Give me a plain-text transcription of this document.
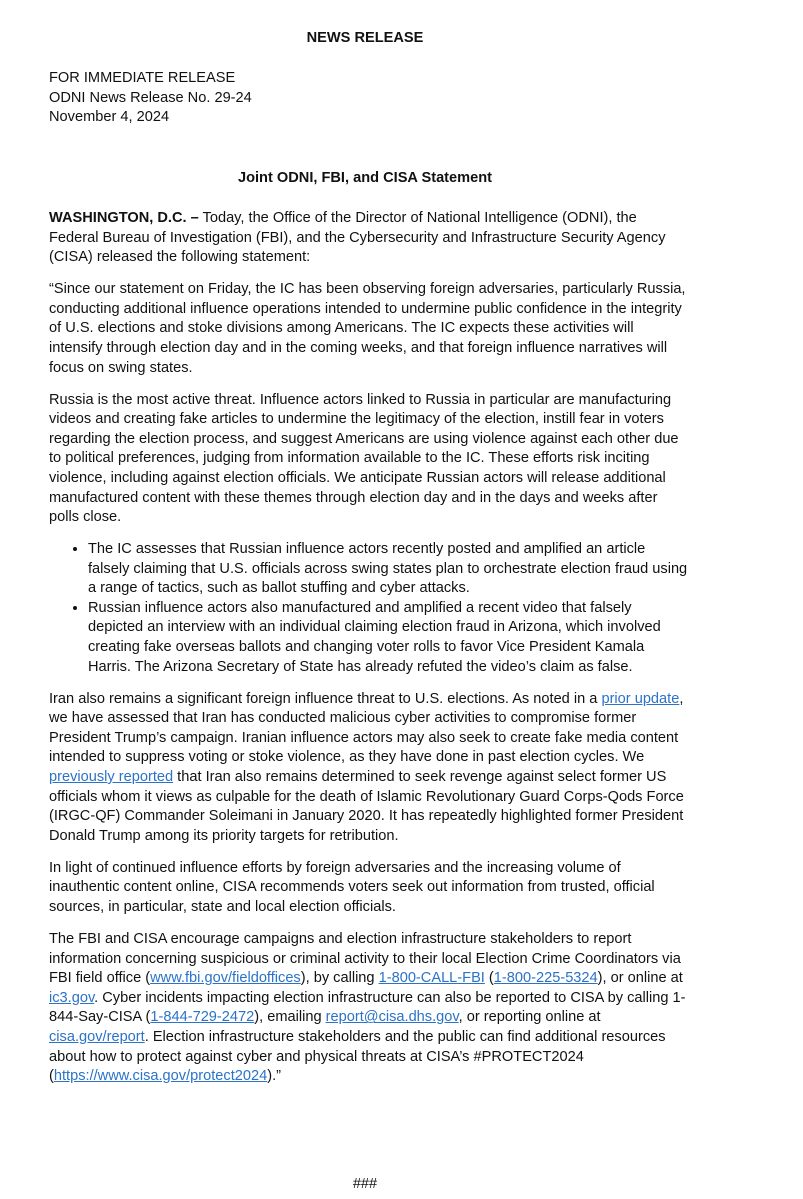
NEWS RELEASE

FOR IMMEDIATE RELEASE
ODNI News Release No. 29-24
November 4, 2024

Joint ODNI, FBI, and CISA Statement

WASHINGTON, D.C. – Today, the Office of the Director of National Intelligence (ODNI), the Federal Bureau of Investigation (FBI), and the Cybersecurity and Infrastructure Security Agency (CISA) released the following statement:

“Since our statement on Friday, the IC has been observing foreign adversaries, particularly Russia, conducting additional influence operations intended to undermine public confidence in the integrity of U.S. elections and stoke divisions among Americans. The IC expects these activities will intensify through election day and in the coming weeks, and that foreign influence narratives will focus on swing states.

Russia is the most active threat. Influence actors linked to Russia in particular are manufacturing videos and creating fake articles to undermine the legitimacy of the election, instill fear in voters regarding the election process, and suggest Americans are using violence against each other due to political preferences, judging from information available to the IC. These efforts risk inciting violence, including against election officials. We anticipate Russian actors will release additional manufactured content with these themes through election day and in the days and weeks after polls close.

• The IC assesses that Russian influence actors recently posted and amplified an article falsely claiming that U.S. officials across swing states plan to orchestrate election fraud using a range of tactics, such as ballot stuffing and cyber attacks.
• Russian influence actors also manufactured and amplified a recent video that falsely depicted an interview with an individual claiming election fraud in Arizona, which involved creating fake overseas ballots and changing voter rolls to favor Vice President Kamala Harris. The Arizona Secretary of State has already refuted the video’s claim as false.

Iran also remains a significant foreign influence threat to U.S. elections. As noted in a prior update, we have assessed that Iran has conducted malicious cyber activities to compromise former President Trump’s campaign. Iranian influence actors may also seek to create fake media content intended to suppress voting or stoke violence, as they have done in past election cycles. We previously reported that Iran also remains determined to seek revenge against select former US officials whom it views as culpable for the death of Islamic Revolutionary Guard Corps-Qods Force (IRGC-QF) Commander Soleimani in January 2020. It has repeatedly highlighted former President Donald Trump among its priority targets for retribution.

In light of continued influence efforts by foreign adversaries and the increasing volume of inauthentic content online, CISA recommends voters seek out information from trusted, official sources, in particular, state and local election officials.

The FBI and CISA encourage campaigns and election infrastructure stakeholders to report information concerning suspicious or criminal activity to their local Election Crime Coordinators via FBI field office (www.fbi.gov/fieldoffices), by calling 1-800-CALL-FBI (1-800-225-5324), or online at ic3.gov. Cyber incidents impacting election infrastructure can also be reported to CISA by calling 1-844-Say-CISA (1-844-729-2472), emailing report@cisa.dhs.gov, or reporting online at cisa.gov/report. Election infrastructure stakeholders and the public can find additional resources about how to protect against cyber and physical threats at CISA’s #PROTECT2024 (https://www.cisa.gov/protect2024).”

###
